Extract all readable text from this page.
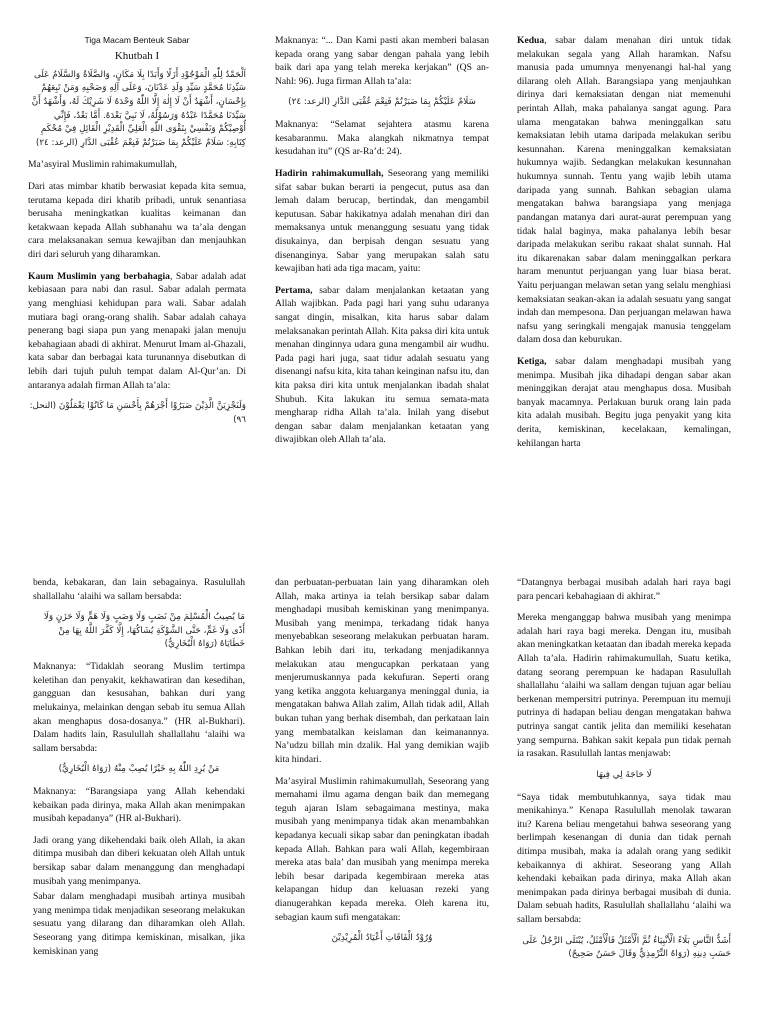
Tiga Macam Benteuk Sabar
Khutbah I
اَلْحَمْدُ لِلّٰهِ الْمَوْجُوْدِ أَزَلًا وَأَبَدًا بِلَا مَكَانٍ، وَالصَّلَاةُ وَالسَّلَامُ عَلَى سَيِّدِنَا مُحَمَّدٍ سَيِّدِ وَلَدِ عَدْنَانَ، وَعَلَى آلِهِ وَصَحْبِهِ وَمَنْ تَبِعَهُمْ بِإِحْسَانٍ، أَشْهَدُ أَنْ لَا إِلٰهَ إِلَّا اللّٰهُ وَحْدَهُ لَا شَرِيْكَ لَهُ، وَأَشْهَدُ أَنَّ سَيِّدَنَا مُحَمَّدًا عَبْدُهُ وَرَسُوْلُهُ، لَا نَبِيَّ بَعْدَهُ. أَمَّا بَعْدُ، فَإِنِّي أُوْصِيْكُمْ وَنَفْسِيْ بِتَقْوَى اللّٰهِ الْعَلِيِّ الْقَدِيْرِ الْقَائِلِ فِيْ مُحْكَمِ كِتَابِهِ: سَلَامٌ عَلَيْكُمْ بِمَا صَبَرْتُمْ فَنِعْمَ عُقْبَى الدَّارِ (الرعد: ٢٤)

Ma’asyiral Muslimin rahimakumullah,

Dari atas mimbar khatib berwasiat kepada kita semua, terutama kepada diri khatib pribadi, untuk senantiasa berusaha meningkatkan kualitas keimanan dan ketakwaan kepada Allah subhanahu wa ta’ala dengan cara melaksanakan semua kewajiban dan menjauhkan diri dari seluruh yang diharamkan.

Kaum Muslimin yang berbahagia, Sabar adalah adat kebiasaan para nabi dan rasul. Sabar adalah permata yang menghiasi kehidupan para wali. Sabar adalah mutiara bagi orang-orang shalih. Sabar adalah cahaya penerang bagi siapa pun yang menapaki jalan menuju kebahagiaan abadi di akhirat. Menurut Imam al-Ghazali, kata sabar dan berbagai kata turunannya disebutkan di lebih dari tujuh puluh tempat dalam Al-Qur’an. Di antaranya adalah firman Allah ta’ala:

وَلَنَجْزِيَنَّ الَّذِيْنَ صَبَرُوْا أَجْرَهُمْ بِأَحْسَنِ مَا كَانُوْا يَعْمَلُوْنَ (النحل: ٩٦)

Maknanya: “... Dan Kami pasti akan memberi balasan kepada orang yang sabar dengan pahala yang lebih baik dari apa yang telah mereka kerjakan” (QS an-Nahl: 96). Juga firman Allah ta’ala:

سَلَامٌ عَلَيْكُمْ بِمَا صَبَرْتُمْ فَنِعْمَ عُقْبَى الدَّارِ (الرعد: ٢٤)

Maknanya: “Selamat sejahtera atasmu karena kesabaranmu. Maka alangkah nikmatnya tempat kesudahan itu” (QS ar-Ra’d: 24).

Hadirin rahimakumullah, Seseorang yang memiliki sifat sabar bukan berarti ia pengecut, putus asa dan lemah dalam berucap, bertindak, dan mengambil keputusan. Sabar hakikatnya adalah menahan diri dan memaksanya untuk menanggung sesuatu yang tidak disukainya, dan berpisah dengan sesuatu yang disenanginya. Sabar yang merupakan salah satu kewajiban hati ada tiga macam, yaitu:

Pertama, sabar dalam menjalankan ketaatan yang Allah wajibkan. Pada pagi hari yang suhu udaranya sangat dingin, misalkan, kita harus sabar dalam melaksanakan perintah Allah. Kita paksa diri kita untuk menahan dinginnya udara guna mengambil air wudhu. Pada pagi hari juga, saat tidur adalah sesuatu yang disenangi nafsu kita, kita tahan keinginan nafsu itu, dan kita paksa diri kita untuk menjalankan ibadah shalat Shubuh. Kita lakukan itu semua semata-mata mengharap ridha Allah ta’ala. Inilah yang disebut dengan sabar dalam menjalankan ketaatan yang diwajibkan oleh Allah ta’ala.

Kedua, sabar dalam menahan diri untuk tidak melakukan segala yang Allah haramkan. Nafsu manusia pada umumnya menyenangi hal-hal yang dilarang oleh Allah. Barangsiapa yang menjauhkan dirinya dari kemaksiatan dengan niat memenuhi perintah Allah, maka pahalanya sangat agung. Para ulama mengatakan bahwa meninggalkan satu kemaksiatan lebih utama daripada melakukan seribu kesunnahan. Karena meninggalkan kemaksiatan hukumnya wajib. Sedangkan melakukan kesunnahan hukumnya sunnah. Tentu yang wajib lebih utama daripada yang sunnah. Bahkan sebagian ulama mengatakan bahwa barangsiapa yang menjaga pandangan matanya dari aurat-aurat perempuan yang tidak halal baginya, maka pahalanya lebih besar daripada melakukan seribu rakaat shalat sunnah. Hal itu dikarenakan sabar dalam meninggalkan perkara haram menuntut perjuangan yang luar biasa berat. Yaitu perjuangan melawan setan yang selalu menghiasi kemaksiatan seakan-akan ia adalah sesuatu yang sangat indah dan mempesona. Dan perjuangan melawan hawa nafsu yang seringkali mengajak manusia tenggelam dalam dosa dan keburukan.

Ketiga, sabar dalam menghadapi musibah yang menimpa. Musibah jika dihadapi dengan sabar akan meninggikan derajat atau menghapus dosa. Musibah banyak macamnya. Perlakuan buruk orang lain pada kita adalah musibah. Begitu juga penyakit yang kita derita, kemiskinan, kecelakaan, kemalingan, kehilangan harta

benda, kebakaran, dan lain sebagainya. Rasulullah shallallahu ‘alaihi wa sallam bersabda:

مَا يُصِيبُ الْمُسْلِمَ مِنْ نَصَبٍ وَلَا وَصَبٍ وَلَا هَمٍّ وَلَا حَزَنٍ وَلَا أَذًى وَلَا غَمٍّ، حَتَّى الشَّوْكَةِ يُشَاكُهَا، إِلَّا كَفَّرَ اللَّهُ بِهَا مِنْ خَطَايَاهُ (رَوَاهُ الْبُخَارِيُّ)

Maknanya: “Tidaklah seorang Muslim tertimpa keletihan dan penyakit, kekhawatiran dan kesedihan, gangguan dan kesusahan, bahkan duri yang melukainya, melainkan dengan sebab itu semua Allah akan menghapus dosa-dosanya.” (HR al-Bukhari). Dalam hadits lain, Rasulullah shallallahu ‘alaihi wa sallam bersabda:

مَنْ يُرِدِ اللّٰهُ بِهِ خَيْرًا يُصِبْ مِنْهُ (رَوَاهُ الْبُخَارِيُّ)

Maknanya: “Barangsiapa yang Allah kehendaki kebaikan pada dirinya, maka Allah akan menimpakan musibah kepadanya” (HR al-Bukhari).

Jadi orang yang dikehendaki baik oleh Allah, ia akan ditimpa musibah dan diberi kekuatan oleh Allah untuk bersikap sabar dalam menanggung dan menghadapi musibah yang menimpanya.

Sabar dalam menghadapi musibah artinya musibah yang menimpa tidak menjadikan seseorang melakukan sesuatu yang dilarang dan diharamkan oleh Allah. Seseorang yang ditimpa kemiskinan, misalkan, jika kemiskinan yang

dan perbuatan-perbuatan lain yang diharamkan oleh Allah, maka artinya ia telah bersikap sabar dalam menghadapi musibah kemiskinan yang menimpanya. Musibah yang menimpa, terkadang tidak hanya menyebabkan seseorang melakukan perbuatan haram. Bahkan lebih dari itu, terkadang menjadikannya melakukan atau mengucapkan perkataan yang menjerumuskannya pada kekufuran. Seperti orang yang ketika anggota keluarganya meninggal dunia, ia mengatakan bahwa Allah zalim, Allah tidak adil, Allah bukan tuhan yang berhak disembah, dan perkataan lain yang membatalkan keislaman dan keimanannya. Na’udzu billah min dzalik. Hal yang demikian wajib kita hindari.

Ma’asyiral Muslimin rahimakumullah, Seseorang yang memahami ilmu agama dengan baik dan memegang teguh ajaran Islam sebagaimana mestinya, maka musibah yang menimpanya tidak akan menambahkan kepadanya kecuali sikap sabar dan peningkatan ibadah kepada Allah. Bahkan para wali Allah, kegembiraan mereka atas bala’ dan musibah yang menimpa mereka lebih besar daripada kegembiraan mereka atas kelapangan hidup dan keluasan rezeki yang dianugerahkan kepada mereka. Oleh karena itu, sebagian kaum sufi mengatakan:

وُرُوْدُ الْفَاقَاتِ أَعْيَادُ الْمُرِيْدِيْنَ

“Datangnya berbagai musibah adalah hari raya bagi para pencari kebahagiaan di akhirat.”

Mereka menganggap bahwa musibah yang menimpa adalah hari raya bagi mereka. Dengan itu, musibah akan meningkatkan ketaatan dan ibadah mereka kepada Allah ta’ala. Hadirin rahimakumullah, Suatu ketika, datang seorang perempuan ke hadapan Rasulullah shallallahu ‘alaihi wa sallam dengan tujuan agar beliau berkenan mempersitri putrinya. Perempuan itu memuji putrinya di hadapan beliau dengan mengatakan bahwa putrinya sangat cantik jelita dan memiliki kesehatan yang sempurna. Bahkan sakit kepala pun tidak pernah ia rasakan. Rasulullah lantas menjawab:

لَا حَاجَةَ لِي فِيهَا

“Saya tidak membutuhkannya, saya tidak mau menikahinya.” Kenapa Rasulullah menolak tawaran itu? Karena beliau mengetahui bahwa seseorang yang berlimpah kesenangan di dunia dan tidak pernah ditimpa musibah, maka ia adalah orang yang sedikit kebaikannya di akhirat. Seseorang yang Allah kehendaki kebaikan pada dirinya, maka Allah akan menimpakan pada dirinya berbagai musibah di dunia. Dalam sebuah hadits, Rasulullah shallallahu ‘alaihi wa sallam bersabda:

أَشَدُّ النَّاسِ بَلَاءً الْأَنْبِيَاءُ ثُمَّ الْأَمْثَلُ فَالْأَمْثَلُ، يُبْتَلَى الرَّجُلُ عَلَى حَسَبِ دِينِهِ (رَوَاهُ التِّرْمِذِيُّ وَقَالَ حَسَنٌ صَحِيحٌ)
